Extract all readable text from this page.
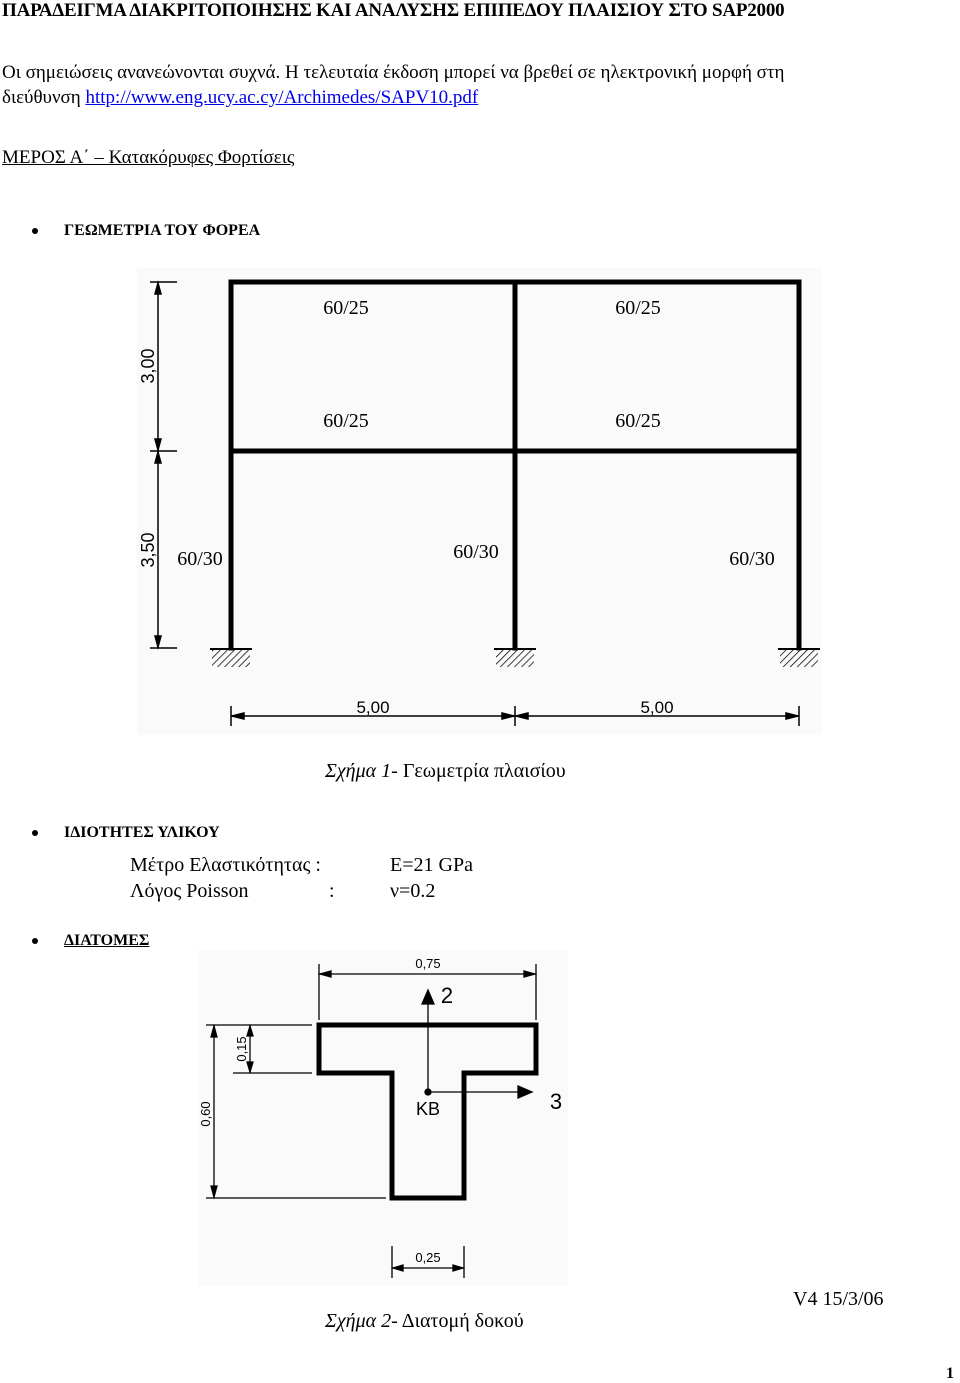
ΠΑΡΑΔΕΙΓΜΑ ΔΙΑΚΡΙΤΟΠΟΙΗΣΗΣ ΚΑΙ ΑΝΑΛΥΣΗΣ ΕΠΙΠΕΔΟΥ ΠΛΑΙΣΙΟΥ ΣΤΟ SAP2000
Οι σημειώσεις ανανεώνονται συχνά. Η τελευταία έκδοση μπορεί να βρεθεί σε ηλεκτρονική μορφή στη
διεύθυνση http://www.eng.ucy.ac.cy/Archimedes/SAPV10.pdf
ΜΕΡΟΣ Α΄ – Κατακόρυφες Φορτίσεις
ΓΕΩΜΕΤΡΙΑ ΤΟΥ ΦΟΡΕΑ
3,00
3,50
5,00	5,00
60/25	60/25
60/25	60/25
60/30	60/30	60/30
Σχήμα 1- Γεωμετρία πλαισίου
ΙΔΙΟΤΗΤΕΣ ΥΛΙΚΟΥ
Μέτρο Ελαστικότητας :	E=21 GPa
Λόγος Poisson	:	ν=0.2
ΔΙΑΤΟΜΕΣ
0,75
0,25
0,15
0,60
2
3
KB
Σχήμα 2- Διατομή δοκού
V4 15/3/06
1
